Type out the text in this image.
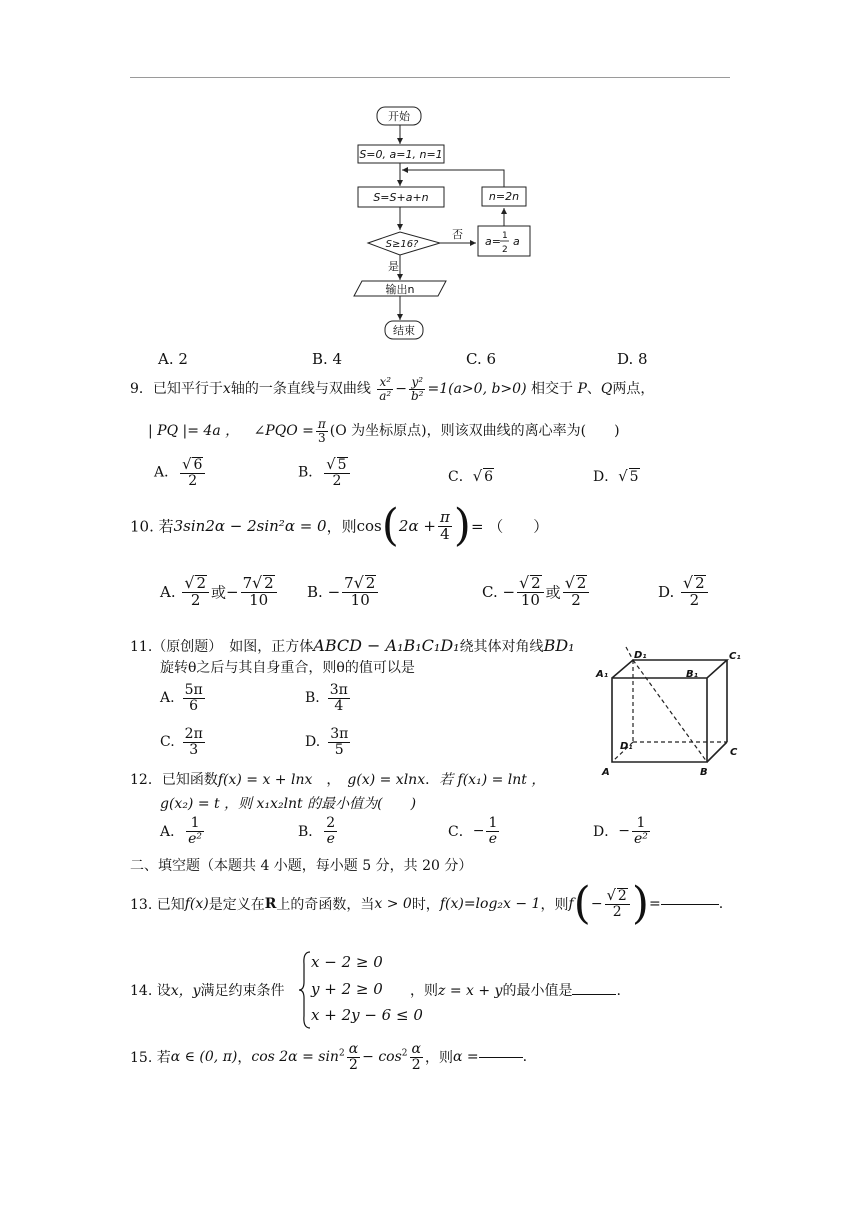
开始
S=0, a=1, n=1
S=S+a+n
S≥16?
否
是
a= 1
2
a
n=2n
输出n
结束
A. 2	B. 4	C. 6	D. 8
9．已知平行于x轴的一条直线与双曲线 $\frac{\text{x²}}{\text{a²}} - \frac{\text{y²}}{\text{b²}} =1(a>0$, b>0) 相交于 P、Q两点，
| PQ |= 4a ， ∠PQO = $\frac{\pi}{3} (O$ 为坐标原点)，则该双曲线的离心率为(　　)
A． $\frac{√ 6}{2}$	B． $\frac{√ 5}{2}$	C．√ 6	D．√ 5
10. 若3sin2α − 2sin²α = 0，则$\cos(2\alpha + \frac{\pi}{4}$ )= （　　）
A. $\frac{√ 2}{2}$ 或− $\frac{7√ 2}{10} B$. − $\frac{7√ 2}{10}$	C. − $\frac{√ 2}{10}$ 或 $\frac{√ 2}{2}$	D. $\frac{√ 2}{2}$
11.（原创题）　如图，正方体ABCD − A₁B₁C₁D₁绕其体对角线BD₁
旋转θ之后与其自身重合，则θ的值可以是
A. $\frac{5\pi}{6}$	B. $\frac{3\pi}{4}$
C. $\frac{2\pi}{3}$	D. $\frac{3\pi}{5}$
A₁
D₁	C₁
B₁
D₁
A	B
C
12．已知函数f(x) = x + lnx　，　g(x) = xlnx．若 f(x₁) = lnt ，
g(x₂) = t ，则 x₁x₂lnt 的最小值为(　　)
A． $\frac{1}{\text{e²}}$	B． $\frac{2}{e}$	C．− $\frac{1}{e}$	D．− $\frac{1}{\text{e²}}$
二、填空题（本题共 4 小题，每小题 5 分，共 20 分）
13. 已知f(x)是定义在R上的奇函数，当x > 0时，f(x)=log₂x − 1，则$f(- \frac{√ 2}{2}$ )=	.
14. 设x，y满足约束条件
x − 2 ≥ 0
y + 2 ≥ 0
x + 2y − 6 ≤ 0
，则z = x + y的最小值是	.
15. 若α ∈ (0, π)，$\cos 2\alpha = \sin^2 \frac{\alpha}{2} - \cos^2 \frac{\alpha}{2}$ ，则α =	.
